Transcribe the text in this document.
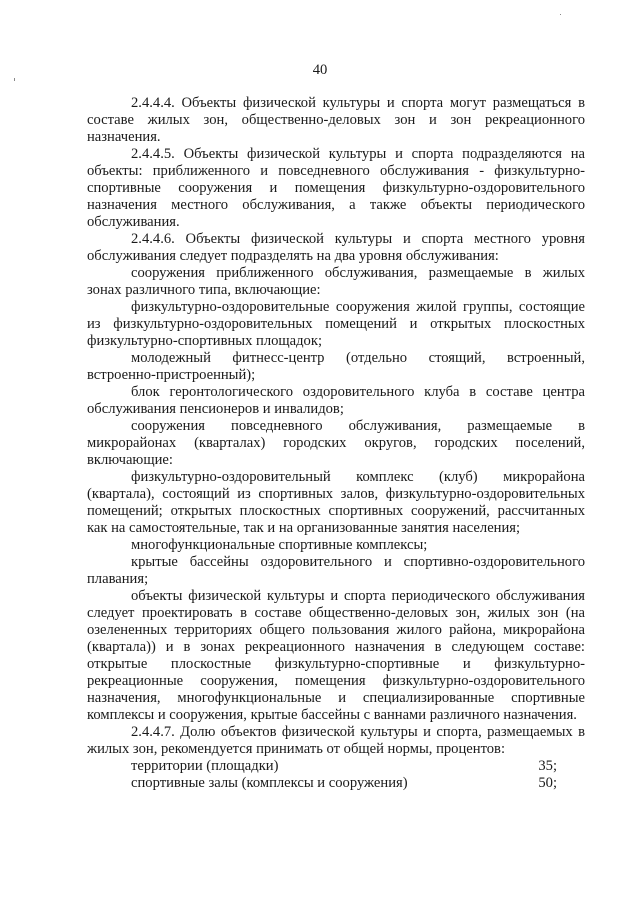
40

2.4.4.4. Объекты физической культуры и спорта могут размещаться в составе жилых зон, общественно-деловых зон и зон рекреационного назначения.

2.4.4.5. Объекты физической культуры и спорта подразделяются на объекты: приближенного и повседневного обслуживания - физкультурно-спортивные сооружения и помещения физкультурно-оздоровительного назначения местного обслуживания, а также объекты периодического обслуживания.

2.4.4.6. Объекты физической культуры и спорта местного уровня обслуживания следует подразделять на два уровня обслуживания:

сооружения приближенного обслуживания, размещаемые в жилых зонах различного типа, включающие:

физкультурно-оздоровительные сооружения жилой группы, состоящие из физкультурно-оздоровительных помещений и открытых плоскостных физкультурно-спортивных площадок;

молодежный фитнесс-центр (отдельно стоящий, встроенный, встроенно-пристроенный);

блок геронтологического оздоровительного клуба в составе центра обслуживания пенсионеров и инвалидов;

сооружения повседневного обслуживания, размещаемые в микрорайонах (кварталах) городских округов, городских поселений, включающие:

физкультурно-оздоровительный комплекс (клуб) микрорайона (квартала), состоящий из спортивных залов, физкультурно-оздоровительных помещений; открытых плоскостных спортивных сооружений, рассчитанных как на самостоятельные, так и на организованные занятия населения;

многофункциональные спортивные комплексы;

крытые бассейны оздоровительного и спортивно-оздоровительного плавания;

объекты физической культуры и спорта периодического обслуживания следует проектировать в составе общественно-деловых зон, жилых зон (на озелененных территориях общего пользования жилого района, микрорайона (квартала)) и в зонах рекреационного назначения в следующем составе: открытые плоскостные физкультурно-спортивные и физкультурно-рекреационные сооружения, помещения физкультурно-оздоровительного назначения, многофункциональные и специализированные спортивные комплексы и сооружения, крытые бассейны с ваннами различного назначения.

2.4.4.7. Долю объектов физической культуры и спорта, размещаемых в жилых зон, рекомендуется принимать от общей нормы, процентов:

территории (площадки)	35;
спортивные залы (комплексы и сооружения)	50;
